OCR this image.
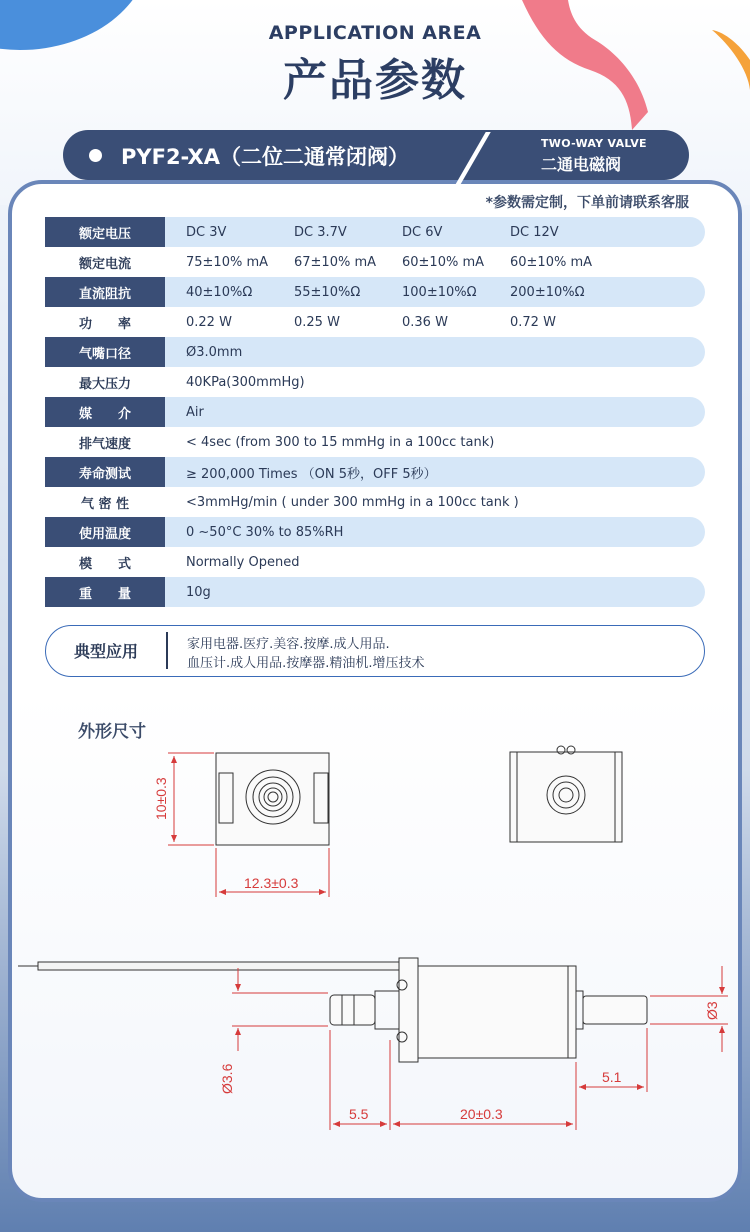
APPLICATION AREA
产品参数
PYF2-XA（二位二通常闭阀）
TWO-WAY VALVE
二通电磁阀
*参数需定制，下单前请联系客服
额定电压	DC 3V	DC 3.7V	DC 6V	DC 12V
额定电流	75±10% mA	67±10% mA	60±10% mA	60±10% mA
直流阻抗	40±10%Ω	55±10%Ω	100±10%Ω	200±10%Ω
功　　率	0.22 W	0.25 W	0.36 W	0.72 W
气嘴口径	Ø3.0mm
最大压力	40KPa(300mmHg)
媒　　介	Air
排气速度	< 4sec (from 300 to 15 mmHg in a 100cc tank)
寿命测试	≥ 200,000 Times （ON 5秒，OFF 5秒）
气 密 性	<3mmHg/min ( under 300 mmHg in a 100cc tank )
使用温度	0 ~50°C 30% to 85%RH
模　　式	Normally Opened
重　　量	10g
典型应用	家用电器.医疗.美容.按摩.成人用品.
血压计.成人用品.按摩器.精油机.增压技术
外形尺寸
10±0.3
12.3±0.3
Ø3.6
Ø3
5.1
5.5	20±0.3
